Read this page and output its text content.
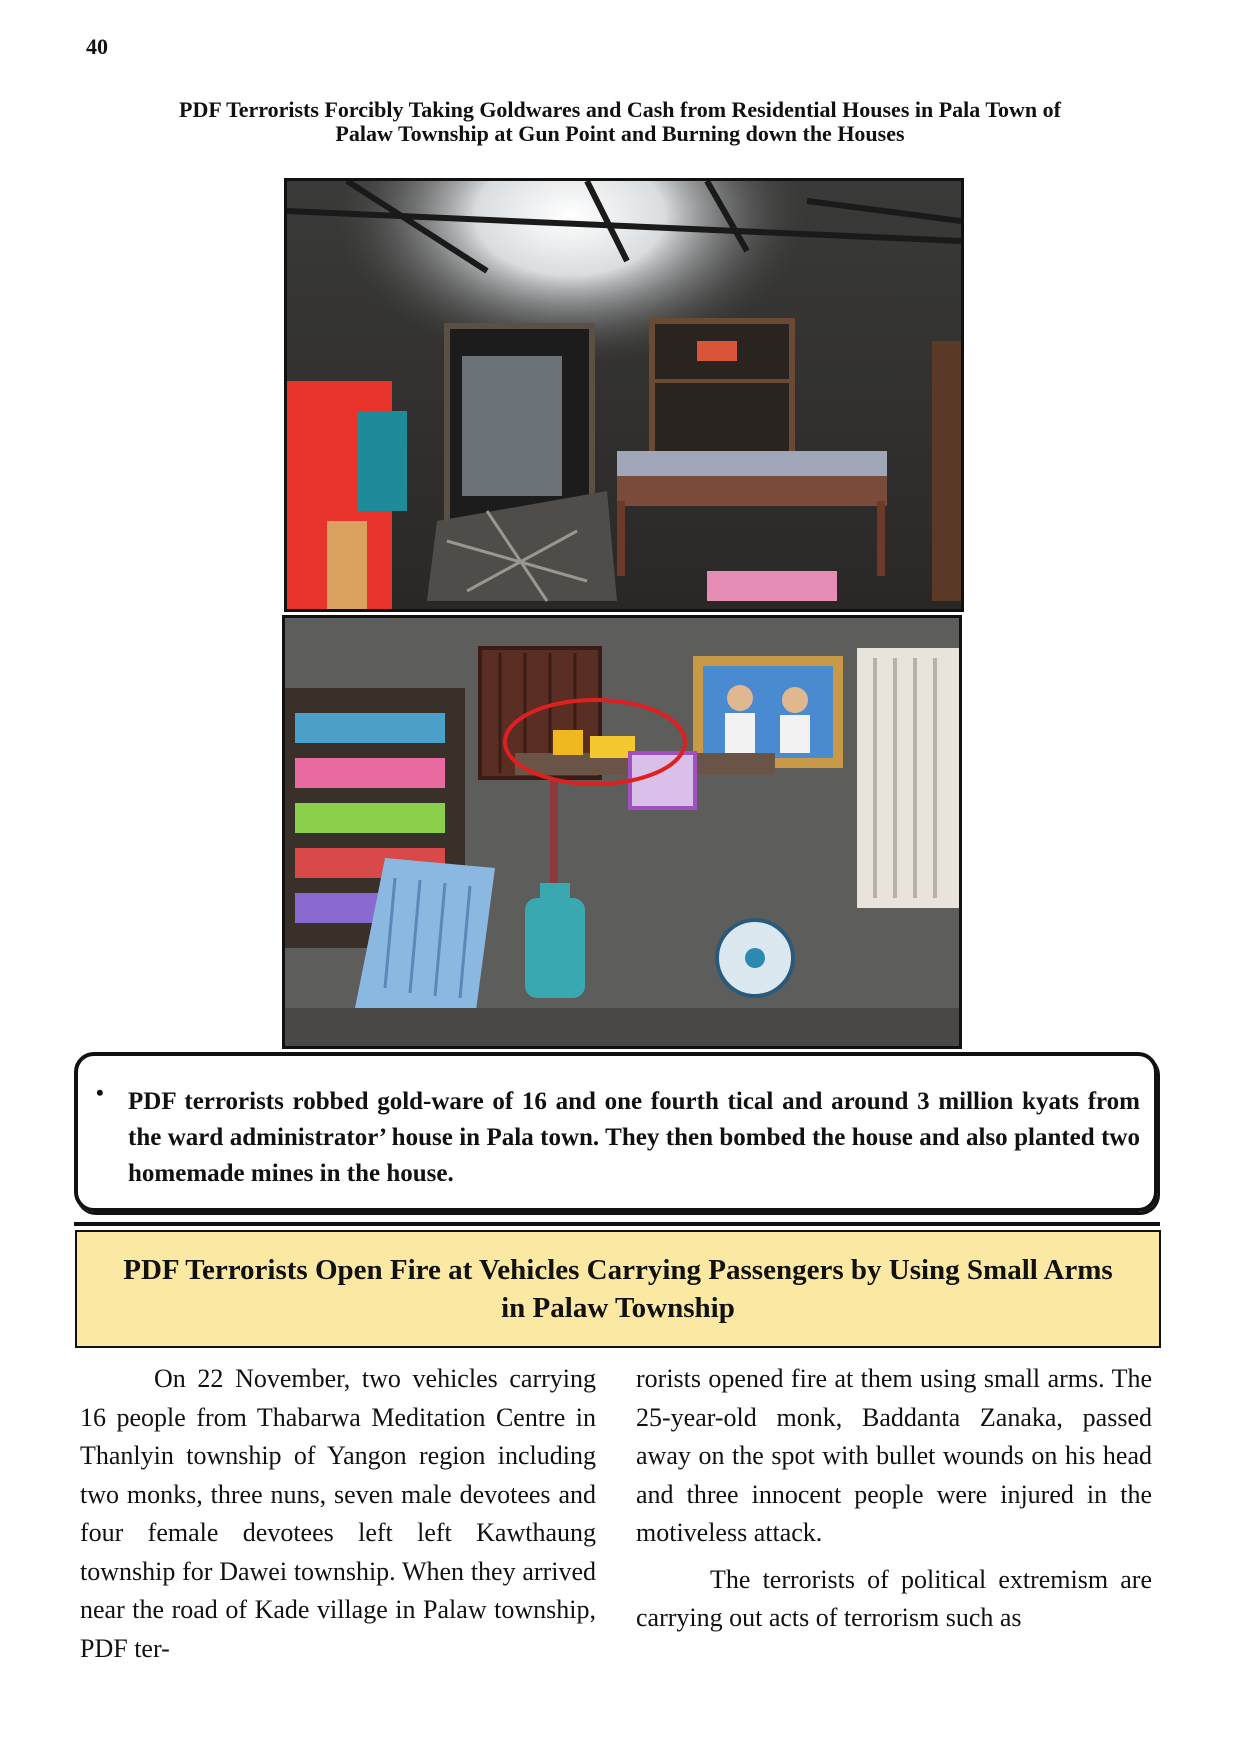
40
PDF Terrorists Forcibly Taking Goldwares and Cash from Residential Houses in Pala Town of
Palaw Township at Gun Point and Burning down the Houses
• PDF terrorists robbed gold-ware of 16 and one fourth tical and around 3 million kyats from the ward administrator’ house in Pala town. They then bombed the house and also planted two homemade mines in the house.
PDF Terrorists Open Fire at Vehicles Carrying Passengers by Using Small Arms
in Palaw Township

On 22 November, two vehicles carrying 16 people from Thabarwa Meditation Centre in Thanlyin township of Yangon region including two monks, three nuns, seven male devotees and four female devotees left left Kawthaung township for Dawei township. When they arrived near the road of Kade village in Palaw township, PDF ter-

rorists opened fire at them using small arms. The 25-year-old monk, Baddanta Zanaka, passed away on the spot with bullet wounds on his head and three innocent people were injured in the motiveless attack.

The terrorists of political extremism are carrying out acts of terrorism such as
